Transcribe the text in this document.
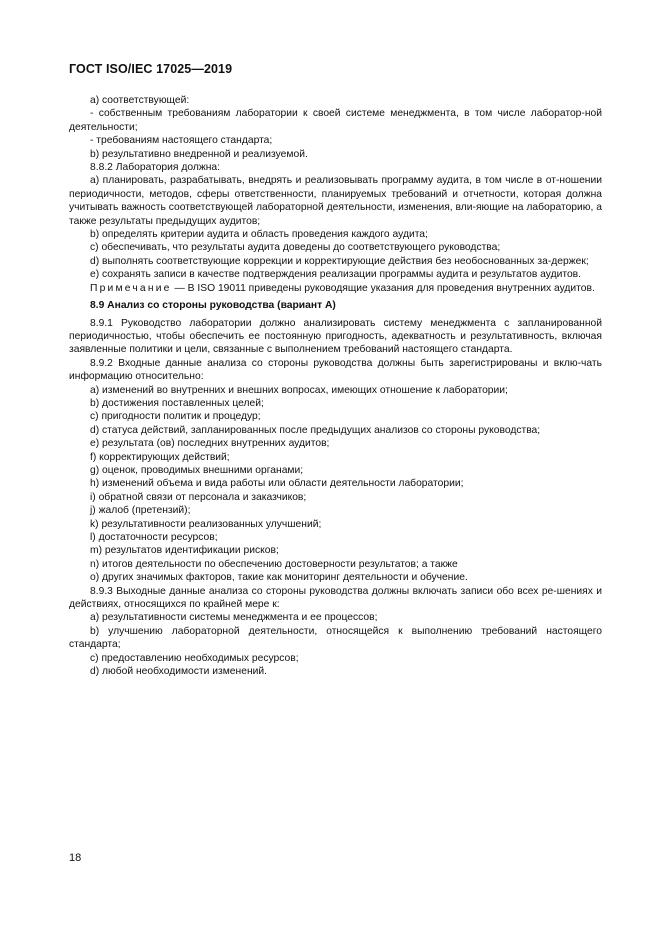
ГОСТ ISO/IEC 17025—2019

а) соответствующей:

- собственным требованиям лаборатории к своей системе менеджмента, в том числе лаборатор-ной деятельности;

- требованиям настоящего стандарта;

b) результативно внедренной и реализуемой.

8.8.2 Лаборатория должна:

а) планировать, разрабатывать, внедрять и реализовывать программу аудита, в том числе в от-ношении периодичности, методов, сферы ответственности, планируемых требований и отчетности, которая должна учитывать важность соответствующей лабораторной деятельности, изменения, вли-яющие на лабораторию, а также результаты предыдущих аудитов;

b) определять критерии аудита и область проведения каждого аудита;

c) обеспечивать, что результаты аудита доведены до соответствующего руководства;

d) выполнять соответствующие коррекции и корректирующие действия без необоснованных за-держек;

е) сохранять записи в качестве подтверждения реализации программы аудита и результатов аудитов.

Примечание — В ISO 19011 приведены руководящие указания для проведения внутренних аудитов.

8.9 Анализ со стороны руководства (вариант А)

8.9.1 Руководство лаборатории должно анализировать систему менеджмента с запланированной периодичностью, чтобы обеспечить ее постоянную пригодность, адекватность и результативность, включая заявленные политики и цели, связанные с выполнением требований настоящего стандарта.

8.9.2 Входные данные анализа со стороны руководства должны быть зарегистрированы и вклю-чать информацию относительно:

а) изменений во внутренних и внешних вопросах, имеющих отношение к лаборатории;

b) достижения поставленных целей;

c) пригодности политик и процедур;

d) статуса действий, запланированных после предыдущих анализов со стороны руководства;

е) результата (ов) последних внутренних аудитов;

f) корректирующих действий;

g) оценок, проводимых внешними органами;

h) изменений объема и вида работы или области деятельности лаборатории;

i) обратной связи от персонала и заказчиков;

j) жалоб (претензий);

k) результативности реализованных улучшений;

l) достаточности ресурсов;

m) результатов идентификации рисков;

n) итогов деятельности по обеспечению достоверности результатов; а также

о) других значимых факторов, такие как мониторинг деятельности и обучение.

8.9.3 Выходные данные анализа со стороны руководства должны включать записи обо всех ре-шениях и действиях, относящихся по крайней мере к:

а) результативности системы менеджмента и ее процессов;

b) улучшению лабораторной деятельности, относящейся к выполнению требований настоящего стандарта;

c) предоставлению необходимых ресурсов;

d) любой необходимости изменений.

18
